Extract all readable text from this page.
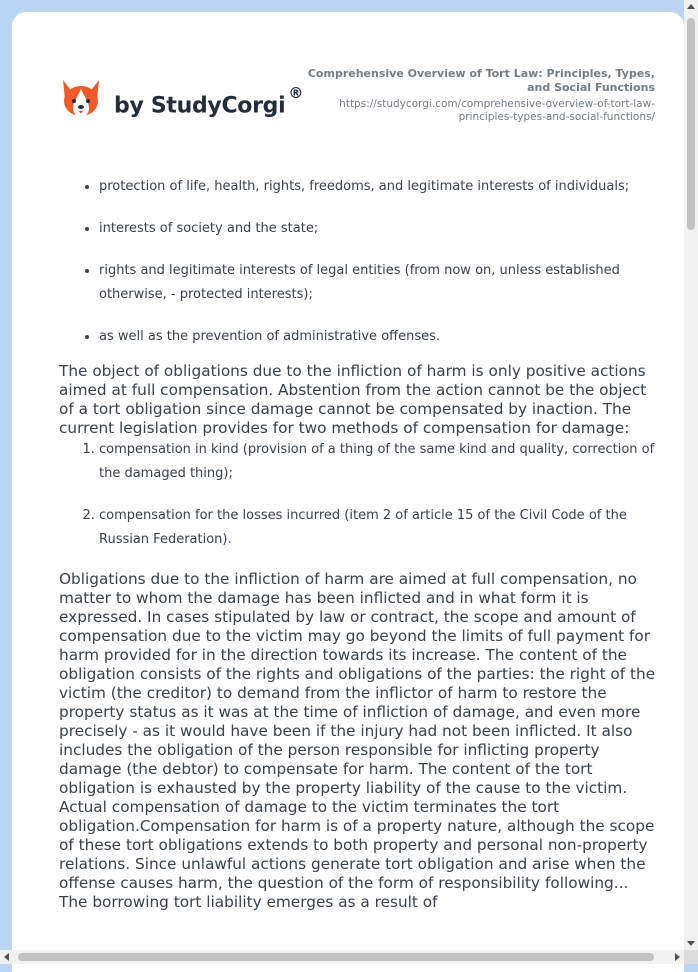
by StudyCorgi®
Comprehensive Overview of Tort Law: Principles, Types, and Social Functions
https://studycorgi.com/comprehensive-overview-of-tort-law-principles-types-and-social-functions/
• protection of life, health, rights, freedoms, and legitimate interests of individuals;
• interests of society and the state;
• rights and legitimate interests of legal entities (from now on, unless established otherwise, - protected interests);
• as well as the prevention of administrative offenses.

The object of obligations due to the infliction of harm is only positive actions aimed at full compensation. Abstention from the action cannot be the object of a tort obligation since damage cannot be compensated by inaction. The current legislation provides for two methods of compensation for damage:

1. compensation in kind (provision of a thing of the same kind and quality, correction of the damaged thing);
2. compensation for the losses incurred (item 2 of article 15 of the Civil Code of the Russian Federation).

Obligations due to the infliction of harm are aimed at full compensation, no matter to whom the damage has been inflicted and in what form it is expressed. In cases stipulated by law or contract, the scope and amount of compensation due to the victim may go beyond the limits of full payment for harm provided for in the direction towards its increase. The content of the obligation consists of the rights and obligations of the parties: the right of the victim (the creditor) to demand from the inflictor of harm to restore the property status as it was at the time of infliction of damage, and even more precisely - as it would have been if the injury had not been inflicted. It also includes the obligation of the person responsible for inflicting property damage (the debtor) to compensate for harm. The content of the tort obligation is exhausted by the property liability of the cause to the victim. Actual compensation of damage to the victim terminates the tort obligation.Compensation for harm is of a property nature, although the scope of these tort obligations extends to both property and personal non-property relations. Since unlawful actions generate tort obligation and arise when the offense causes harm, the question of the form of responsibility following... The borrowing tort liability emerges as a result of
